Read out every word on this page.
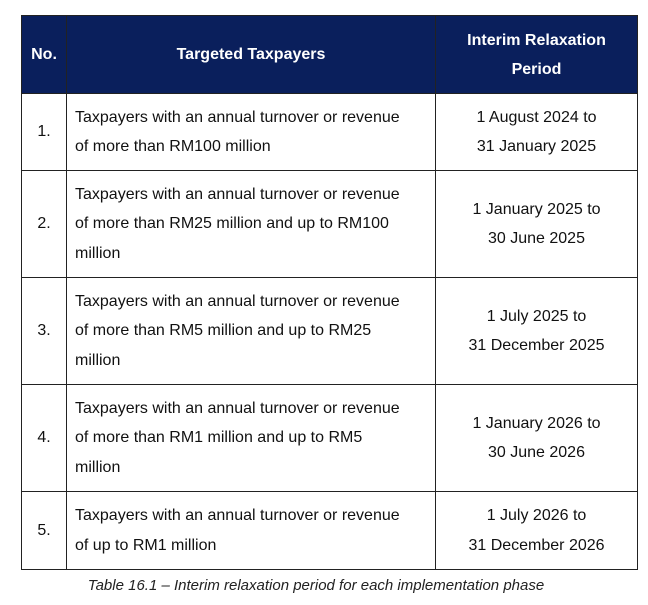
No.	Targeted Taxpayers	Interim Relaxation
Period

1.	Taxpayers with an annual turnover or revenue
of more than RM100 million	1 August 2024 to
31 January 2025

2.	Taxpayers with an annual turnover or revenue
of more than RM25 million and up to RM100
million	1 January 2025 to
30 June 2025

3.	Taxpayers with an annual turnover or revenue
of more than RM5 million and up to RM25
million	1 July 2025 to
31 December 2025

4.	Taxpayers with an annual turnover or revenue
of more than RM1 million and up to RM5
million	1 January 2026 to
30 June 2026

5.	Taxpayers with an annual turnover or revenue
of up to RM1 million	1 July 2026 to
31 December 2026
Table 16.1 – Interim relaxation period for each implementation phase
